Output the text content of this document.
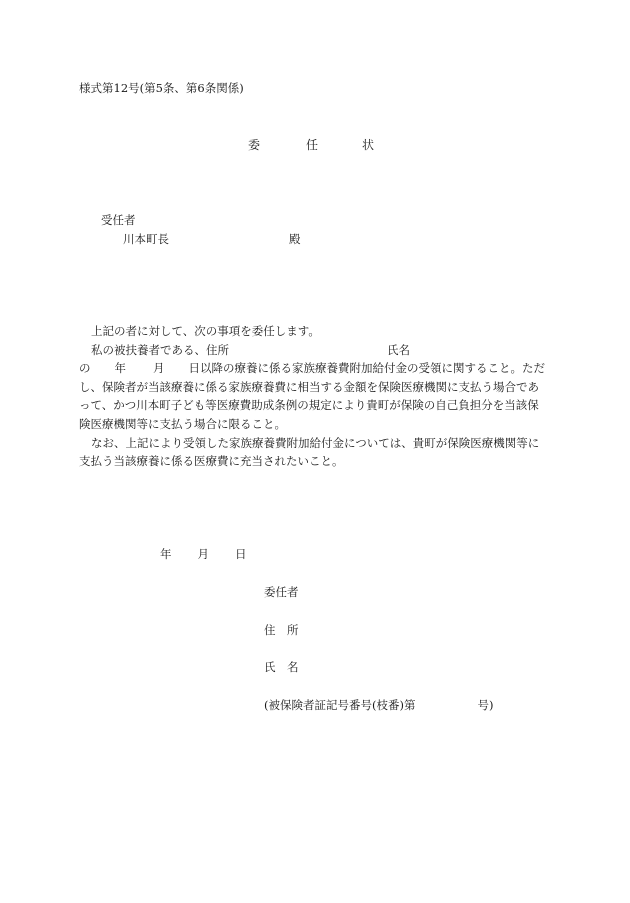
様式第12号(第5条、第6条関係)
委	任	状
受任者
川本町長	殿
上記の者に対して、次の事項を委任します。
私の被扶養者である、住所	氏名
の 年 月 日以降の療養に係る家族療養費附加給付金の受領に関すること。ただ
し、保険者が当該療養に係る家族療養費に相当する金額を保険医療機関に支払う場合であ
って、かつ川本町子ども等医療費助成条例の規定により貴町が保険の自己負担分を当該保
険医療機関等に支払う場合に限ること。
なお、上記により受領した家族療養費附加給付金については、貴町が保険医療機関等に
支払う当該療養に係る医療費に充当されたいこと。
年 月 日
委任者
住　所
氏　名
(被保険者証記号番号(枝番)第	号)
